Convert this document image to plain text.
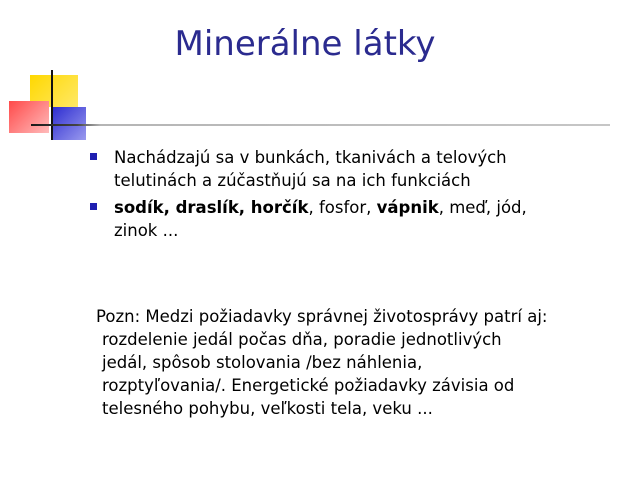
Minerálne látky
Nachádzajú sa v bunkách, tkanivách a telových
telutinách a zúčastňujú sa na ich funkciách
sodík, draslík, horčík, fosfor, vápnik, meď, jód,
zinok ...
Pozn: Medzi požiadavky správnej životosprávy patrí aj:
rozdelenie jedál počas dňa, poradie jednotlivých
jedál, spôsob stolovania /bez náhlenia,
rozptyľovania/. Energetické požiadavky závisia od
telesného pohybu, veľkosti tela, veku ...
